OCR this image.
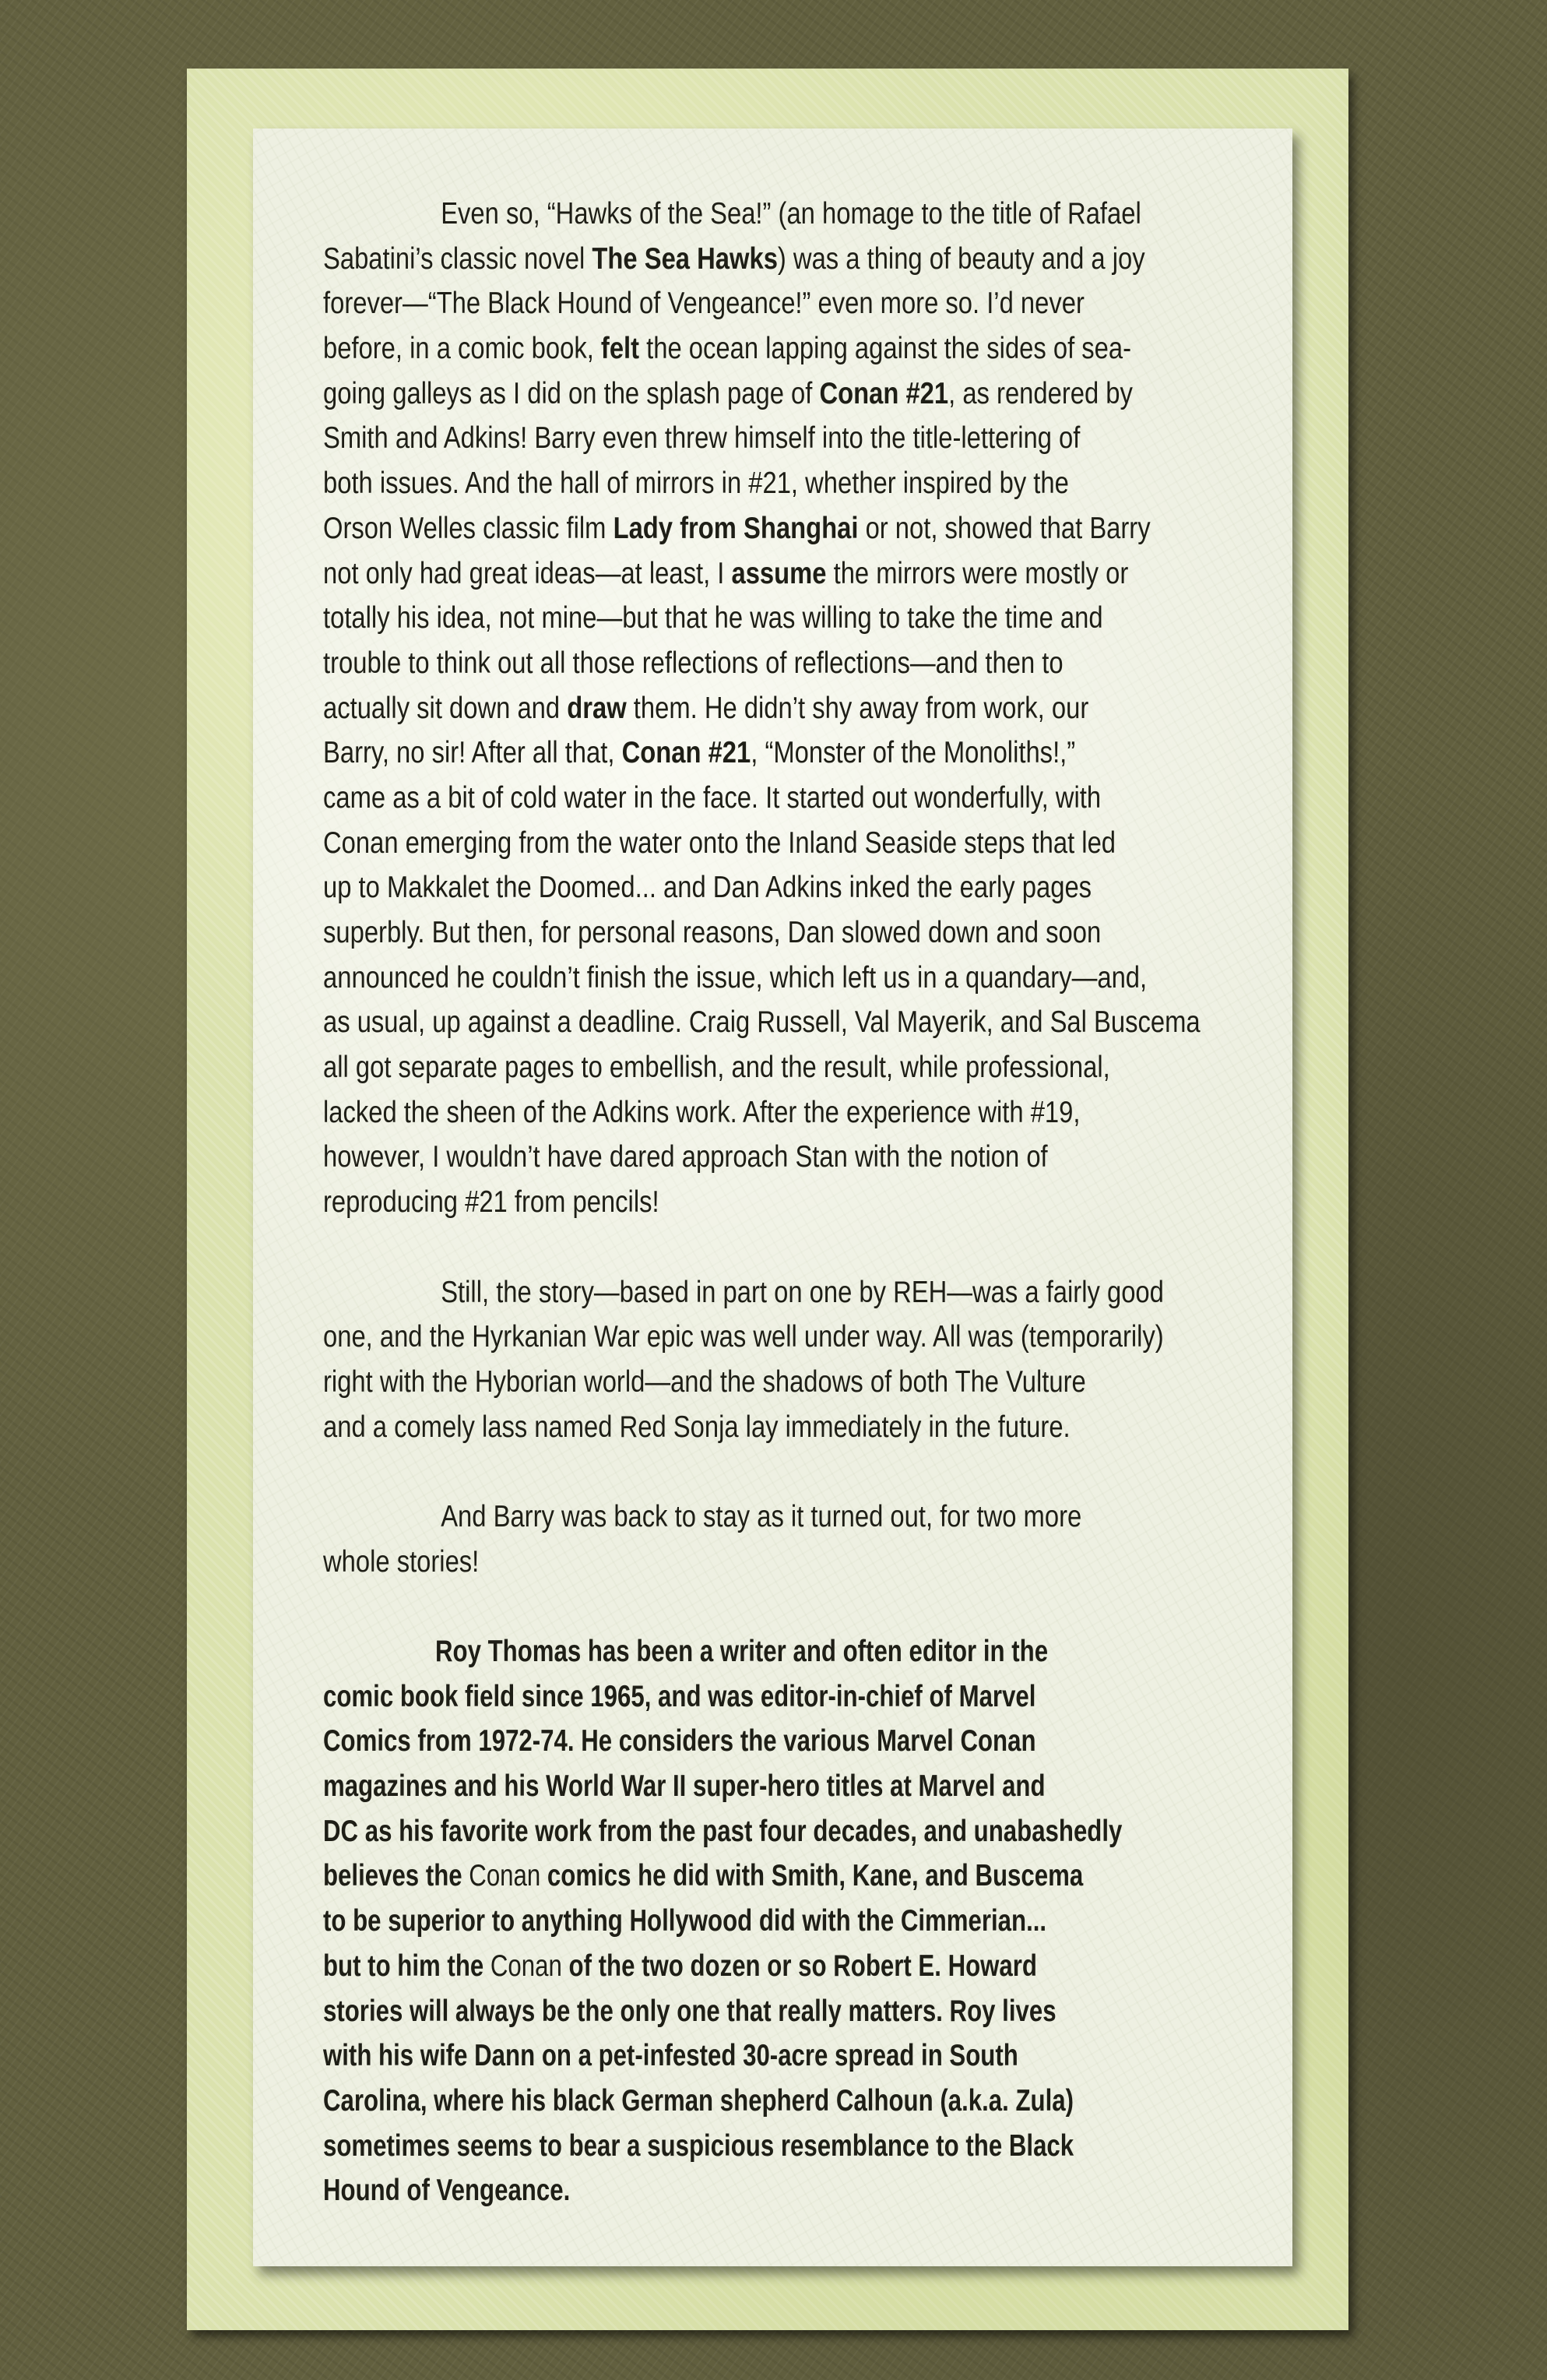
Even so, “Hawks of the Sea!” (an homage to the title of Rafael
Sabatini’s classic novel The Sea Hawks) was a thing of beauty and a joy
forever—“The Black Hound of Vengeance!” even more so. I’d never
before, in a comic book, felt the ocean lapping against the sides of sea-
going galleys as I did on the splash page of Conan #21, as rendered by
Smith and Adkins! Barry even threw himself into the title-lettering of
both issues. And the hall of mirrors in #21, whether inspired by the
Orson Welles classic film Lady from Shanghai or not, showed that Barry
not only had great ideas—at least, I assume the mirrors were mostly or
totally his idea, not mine—but that he was willing to take the time and
trouble to think out all those reflections of reflections—and then to
actually sit down and draw them. He didn’t shy away from work, our
Barry, no sir! After all that, Conan #21, “Monster of the Monoliths!,”
came as a bit of cold water in the face. It started out wonderfully, with
Conan emerging from the water onto the Inland Seaside steps that led
up to Makkalet the Doomed... and Dan Adkins inked the early pages
superbly. But then, for personal reasons, Dan slowed down and soon
announced he couldn’t finish the issue, which left us in a quandary—and,
as usual, up against a deadline. Craig Russell, Val Mayerik, and Sal Buscema
all got separate pages to embellish, and the result, while professional,
lacked the sheen of the Adkins work. After the experience with #19,
however, I wouldn’t have dared approach Stan with the notion of
reproducing #21 from pencils!
Still, the story—based in part on one by REH—was a fairly good
one, and the Hyrkanian War epic was well under way. All was (temporarily)
right with the Hyborian world—and the shadows of both The Vulture
and a comely lass named Red Sonja lay immediately in the future.
And Barry was back to stay as it turned out, for two more
whole stories!
Roy Thomas has been a writer and often editor in the
comic book field since 1965, and was editor-in-chief of Marvel
Comics from 1972-74. He considers the various Marvel Conan
magazines and his World War II super-hero titles at Marvel and
DC as his favorite work from the past four decades, and unabashedly
believes the Conan comics he did with Smith, Kane, and Buscema
to be superior to anything Hollywood did with the Cimmerian...
but to him the Conan of the two dozen or so Robert E. Howard
stories will always be the only one that really matters. Roy lives
with his wife Dann on a pet-infested 30-acre spread in South
Carolina, where his black German shepherd Calhoun (a.k.a. Zula)
sometimes seems to bear a suspicious resemblance to the Black
Hound of Vengeance.
